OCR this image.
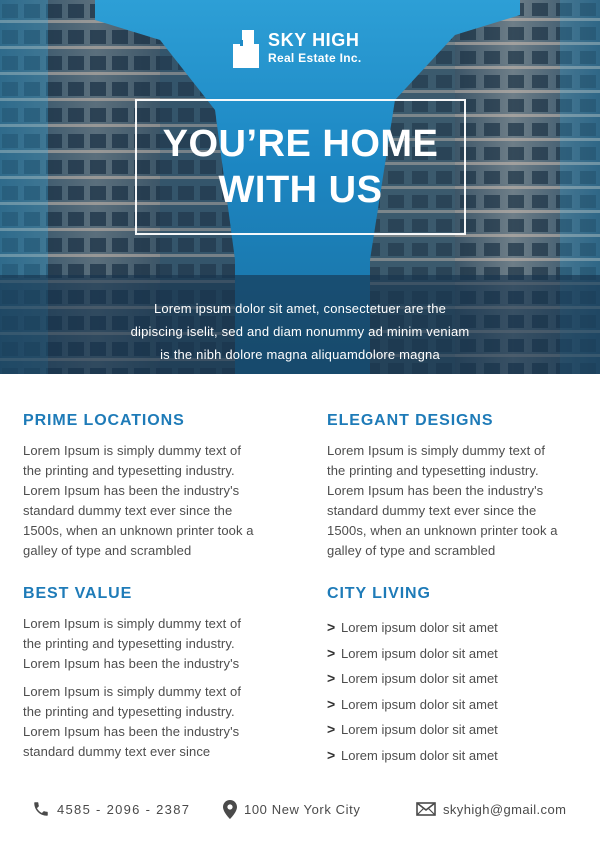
SKY HIGH
Real Estate Inc.
YOU’RE HOME
WITH US
Lorem ipsum dolor sit amet, consectetuer are the
dipiscing iselit, sed and diam nonummy ad minim veniam
is the nibh dolore magna aliquamdolore magna
PRIME LOCATIONS

Lorem Ipsum is simply dummy text of
the printing and typesetting industry.
Lorem Ipsum has been the industry's
standard dummy text ever since the
1500s, when an unknown printer took a
galley of type and scrambled

ELEGANT DESIGNS

Lorem Ipsum is simply dummy text of
the printing and typesetting industry.
Lorem Ipsum has been the industry's
standard dummy text ever since the
1500s, when an unknown printer took a
galley of type and scrambled

BEST VALUE

Lorem Ipsum is simply dummy text of
the printing and typesetting industry.
Lorem Ipsum has been the industry's

Lorem Ipsum is simply dummy text of
the printing and typesetting industry.
Lorem Ipsum has been the industry's
standard dummy text ever since

CITY LIVING
> Lorem ipsum dolor sit amet
> Lorem ipsum dolor sit amet
> Lorem ipsum dolor sit amet
> Lorem ipsum dolor sit amet
> Lorem ipsum dolor sit amet
> Lorem ipsum dolor sit amet
4585 - 2096 - 2387	100 New York City	skyhigh@gmail.com
